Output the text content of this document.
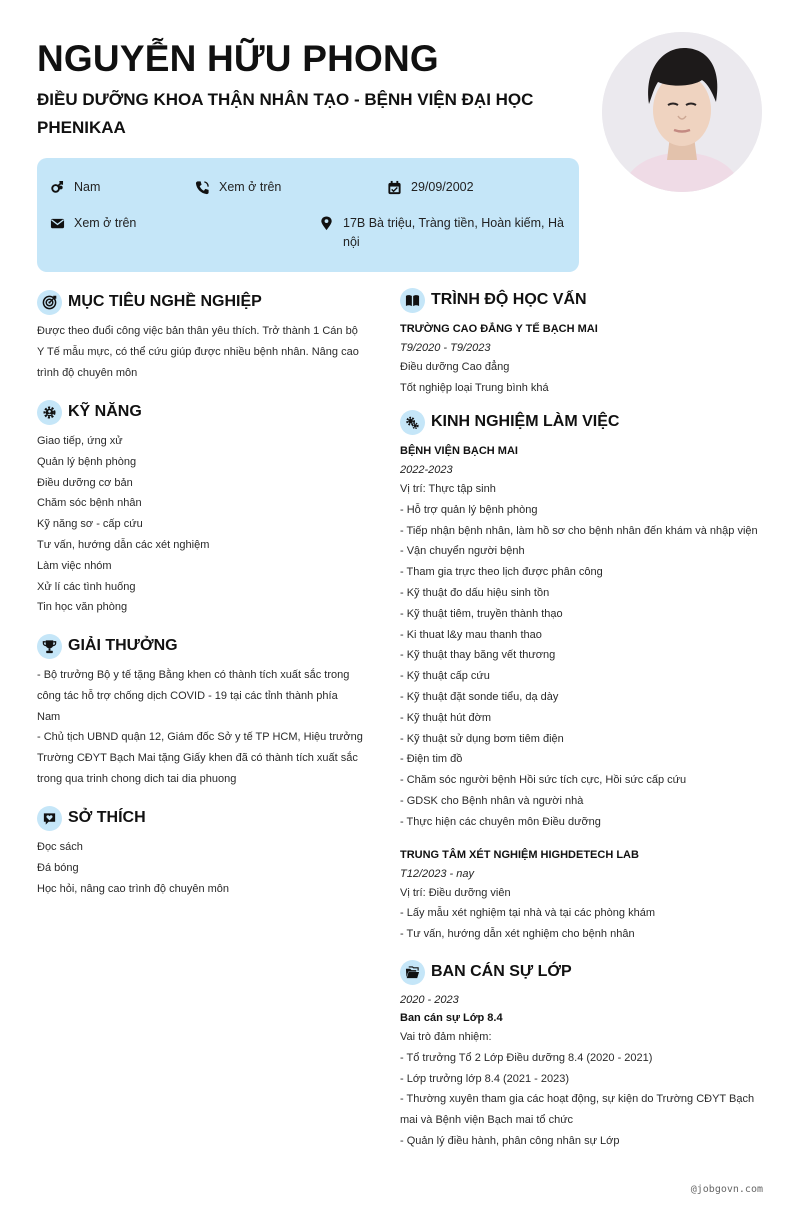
NGUYỄN HỮU PHONG
ĐIỀU DƯỠNG KHOA THẬN NHÂN TẠO - BỆNH VIỆN ĐẠI HỌC PHENIKAA
Nam	Xem ở trên	29/09/2002
Xem ở trên	17B Bà triệu, Tràng tiền, Hoàn kiếm, Hà nội
MỤC TIÊU NGHỀ NGHIỆP
Được theo đuổi công việc bản thân yêu thích. Trở thành 1 Cán bộ
Y Tế mẫu mực, có thể cứu giúp được nhiều bệnh nhân. Nâng cao
trình độ chuyên môn
KỸ NĂNG
Giao tiếp, ứng xử
Quản lý bệnh phòng
Điều dưỡng cơ bản
Chăm sóc bệnh nhân
Kỹ năng sơ - cấp cứu
Tư vấn, hướng dẫn các xét nghiệm
Làm việc nhóm
Xử lí các tình huống
Tin học văn phòng
GIẢI THƯỞNG
- Bộ trưởng Bộ y tế tặng Bằng khen có thành tích xuất sắc trong
công tác hỗ trợ chống dịch COVID - 19 tại các tỉnh thành phía
Nam
- Chủ tịch UBND quận 12, Giám đốc Sở y tế TP HCM, Hiệu trưởng
Trường CĐYT Bạch Mai tặng Giấy khen đã có thành tích xuất sắc
trong qua trinh chong dich tai dia phuong
SỞ THÍCH
Đọc sách
Đá bóng
Học hỏi, nâng cao trình độ chuyên môn
TRÌNH ĐỘ HỌC VẤN
TRƯỜNG CAO ĐẲNG Y TẾ BẠCH MAI
T9/2020 - T9/2023
Điều dưỡng Cao đẳng
Tốt nghiệp loại Trung bình khá
KINH NGHIỆM LÀM VIỆC
BỆNH VIỆN BẠCH MAI
2022-2023
Vị trí: Thực tập sinh
- Hỗ trợ quản lý bệnh phòng
- Tiếp nhận bệnh nhân, làm hồ sơ cho bệnh nhân đến khám và nhập viện
- Vận chuyển người bệnh
- Tham gia trực theo lịch được phân công
- Kỹ thuật đo dấu hiệu sinh tồn
- Kỹ thuật tiêm, truyền thành thạo
- Ki thuat l&y mau thanh thao
- Kỹ thuật thay băng vết thương
- Kỹ thuật cấp cứu
- Kỹ thuật đặt sonde tiểu, dạ dày
- Kỹ thuật hút đờm
- Kỹ thuật sử dụng bơm tiêm điện
- Điện tim đồ
- Chăm sóc người bệnh Hồi sức tích cực, Hồi sức cấp cứu
- GDSK cho Bệnh nhân và người nhà
- Thực hiện các chuyên môn Điều dưỡng
TRUNG TÂM XÉT NGHIỆM HIGHDETECH LAB
T12/2023 - nay
Vị trí: Điều dưỡng viên
- Lấy mẫu xét nghiệm tại nhà và tại các phòng khám
- Tư vấn, hướng dẫn xét nghiệm cho bệnh nhân
BAN CÁN SỰ LỚP
2020 - 2023
Ban cán sự Lớp 8.4
Vai trò đảm nhiệm:
- Tổ trưởng Tổ 2 Lớp Điều dưỡng 8.4 (2020 - 2021)
- Lớp trưởng lớp 8.4 (2021 - 2023)
- Thường xuyên tham gia các hoạt động, sự kiện do Trường CĐYT Bạch
mai và Bệnh viện Bạch mai tổ chức
- Quản lý điều hành, phân công nhân sự Lớp
@jobgovn.com
